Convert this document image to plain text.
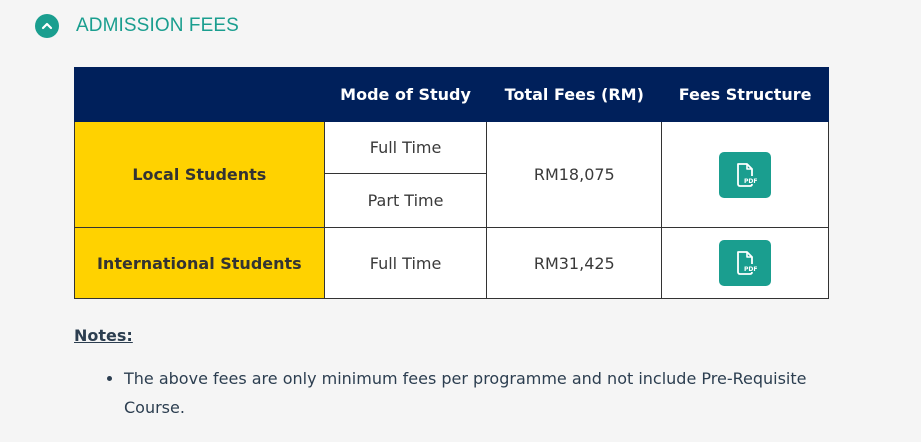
ADMISSION FEES
	Mode of Study	Total Fees (RM)	Fees Structure
Local Students	Full Time	RM18,075	PDF

	Part Time		
International Students	Full Time	RM31,425	PDF
Notes:
• The above fees are only minimum fees per programme and not include Pre-Requisite Course.
